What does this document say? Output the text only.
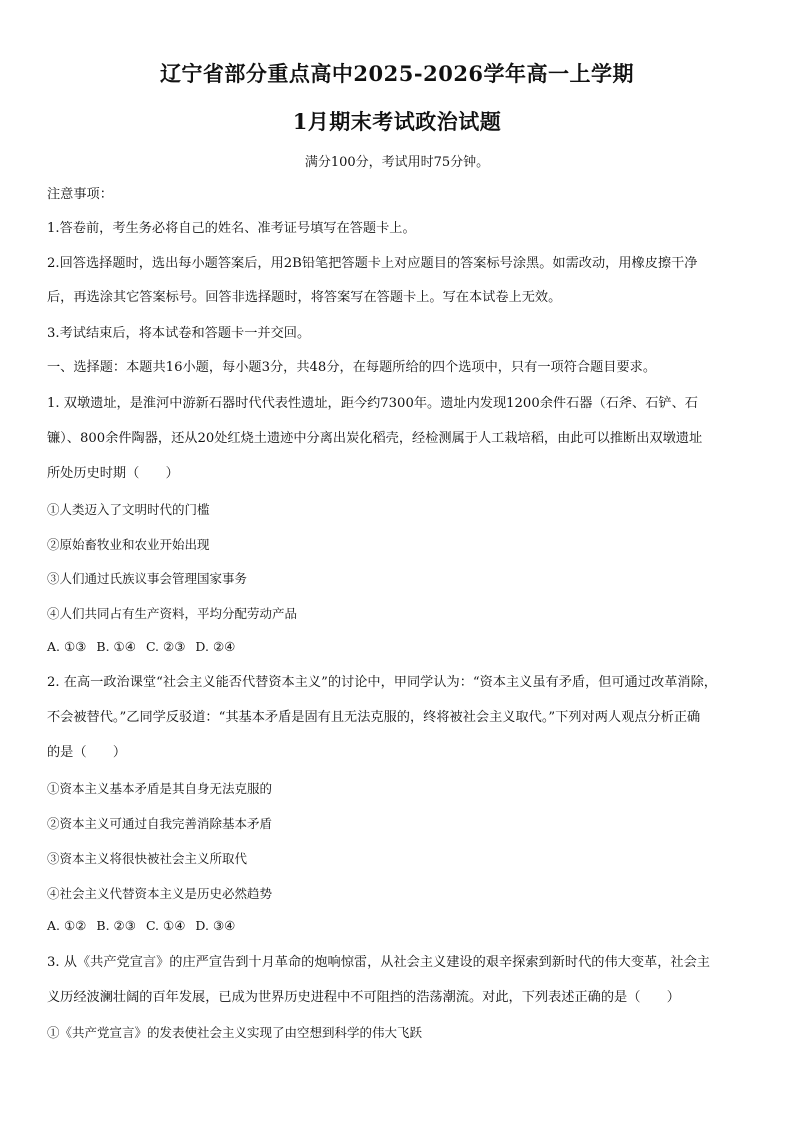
辽宁省部分重点高中2025-2026学年高一上学期
1月期末考试政治试题
满分100分，考试用时75分钟。
注意事项：
1.答卷前，考生务必将自己的姓名、准考证号填写在答题卡上。
2.回答选择题时，选出每小题答案后，用2B铅笔把答题卡上对应题目的答案标号涂黑。如需改动，用橡皮擦干净
后，再选涂其它答案标号。回答非选择题时，将答案写在答题卡上。写在本试卷上无效。
3.考试结束后，将本试卷和答题卡一并交回。
一、选择题：本题共16小题，每小题3分，共48分，在每题所给的四个选项中，只有一项符合题目要求。
1. 双墩遗址，是淮河中游新石器时代代表性遗址，距今约7300年。遗址内发现1200余件石器（石斧、石铲、石
镰）、800余件陶器，还从20处红烧土遗迹中分离出炭化稻壳，经检测属于人工栽培稻，由此可以推断出双墩遗址
所处历史时期（　　）
①人类迈入了文明时代的门槛
②原始畜牧业和农业开始出现
③人们通过氏族议事会管理国家事务
④人们共同占有生产资料，平均分配劳动产品
A. ①③ B. ①④ C. ②③ D. ②④
2. 在高一政治课堂“社会主义能否代替资本主义”的讨论中，甲同学认为：“资本主义虽有矛盾，但可通过改革消除，
不会被替代。”乙同学反驳道：“其基本矛盾是固有且无法克服的，终将被社会主义取代。”下列对两人观点分析正确
的是（　　）
①资本主义基本矛盾是其自身无法克服的
②资本主义可通过自我完善消除基本矛盾
③资本主义将很快被社会主义所取代
④社会主义代替资本主义是历史必然趋势
A. ①② B. ②③ C. ①④ D. ③④
3. 从《共产党宣言》的庄严宣告到十月革命的炮响惊雷，从社会主义建设的艰辛探索到新时代的伟大变革，社会主
义历经波澜壮阔的百年发展，已成为世界历史进程中不可阻挡的浩荡潮流。对此，下列表述正确的是（　　）
①《共产党宣言》的发表使社会主义实现了由空想到科学的伟大飞跃
